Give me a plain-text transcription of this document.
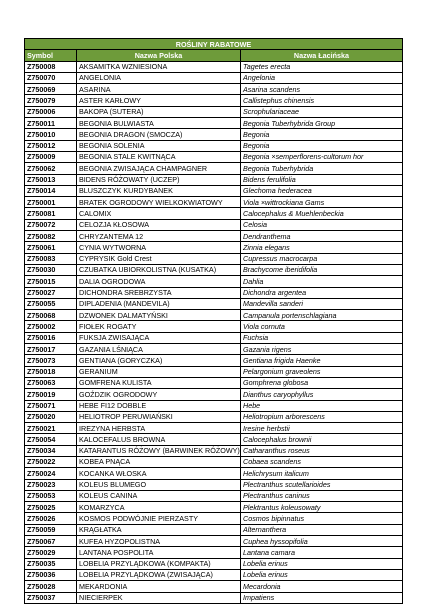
ROŚLINY RABATOWE		
Symbol	Nazwa Polska	Nazwa Łacińska
Z750008	AKSAMITKA WZNIESIONA	Tagetes erecta
Z750070	ANGELONIA	Angelonia
Z750069	ASARINA	Asarina scandens
Z750079	ASTER KARŁOWY	Callistephus chinensis
Z750006	BAKOPA (SUTERA)	Scrophulariaceae
Z750011	BEGONIA BULWIASTA	Begonia Tuberhybrida Group
Z750010	BEGONIA DRAGON (SMOCZA)	Begonia
Z750012	BEGONIA SOLENIA	Begonia
Z750009	BEGONIA STALE KWITNĄCA	Begonia ×semperflorens-cultorum hor
Z750062	BEGONIA ZWISAJĄCA CHAMPAGNER	Begonia Tuberhybrida
Z750013	BIDENS RÓŻOWATY (UCZEP)	Bidens ferulifolia
Z750014	BLUSZCZYK KURDYBANEK	Glechoma hederacea
Z750001	BRATEK OGRODOWY WIELKOKWIATOWY	Viola ×wittrockiana Gams
Z750081	CALOMIX	Calocephalus & Muehlenbeckia
Z750072	CELOZJA KŁOSOWA	Celosia
Z750082	CHRYZANTEMA 12	Dendranthema
Z750061	CYNIA WYTWORNA	Zinnia elegans
Z750083	CYPRYSIK Gold Crest	Cupressus macrocarpa
Z750030	CZUBATKA UBIORKOLISTNA (KUSATKA)	Brachycome iberidifolia
Z750015	DALIA OGRODOWA	Dahlia
Z750027	DICHONDRA SREBRZYSTA	Dichondra argentea
Z750055	DIPLADENIA (MANDEVILA)	Mandevilla sanderi
Z750068	DZWONEK DALMATYŃSKI	Campanula portenschlagiana
Z750002	FIOŁEK ROGATY	Viola cornuta
Z750016	FUKSJA ZWISAJĄCA	Fuchsia
Z750017	GAZANIA LŚNIĄCA	Gazania rigens
Z750073	GENTIANA (GORYCZKA)	Gentiana frigida Haenke
Z750018	GERANIUM	Pelargonium graveolens
Z750063	GOMFRENA KULISTA	Gomphrena globosa
Z750019	GOŹDZIK OGRODOWY	Dianthus caryophyllus
Z750071	HEBE FI12 DOBBLE	Hebe
Z750020	HELIOTROP PERUWIAŃSKI	Heliotropium arborescens
Z750021	IREZYNA HERBSTA	Iresine herbstii
Z750054	KALOCEFALUS BROWNA	Calocephalus brownii
Z750034	KATARANTUS RÓŻOWY (BARWINEK RÓŻOWY)	Catharanthus roseus
Z750022	KOBEA PNĄCA	Cobaea scandens
Z750024	KOCANKA WŁOSKA	Helichrysum italicum
Z750023	KOLEUS BLUMEGO	Plectranthus scutellarioides
Z750053	KOLEUS CANINA	Plectranthus caninus
Z750025	KOMARZYCA	Plektrantus koleusowaty
Z750026	KOSMOS PODWÓJNIE PIERZASTY	Cosmos bipinnatus
Z750059	KRĄGŁATKA	Alternanthera
Z750067	KUFEA HYZOPOLISTNA	Cuphea hyssopifolia
Z750029	LANTANA POSPOLITA	Lantana camara
Z750035	LOBELIA PRZYLĄDKOWA (KOMPAKTA)	Lobelia erinus
Z750036	LOBELIA PRZYLĄDKOWA (ZWISAJĄCA)	Lobelia erinus
Z750028	MEKARDONIA	Mecardonia
Z750037	NIECIERPEK	Impatiens
